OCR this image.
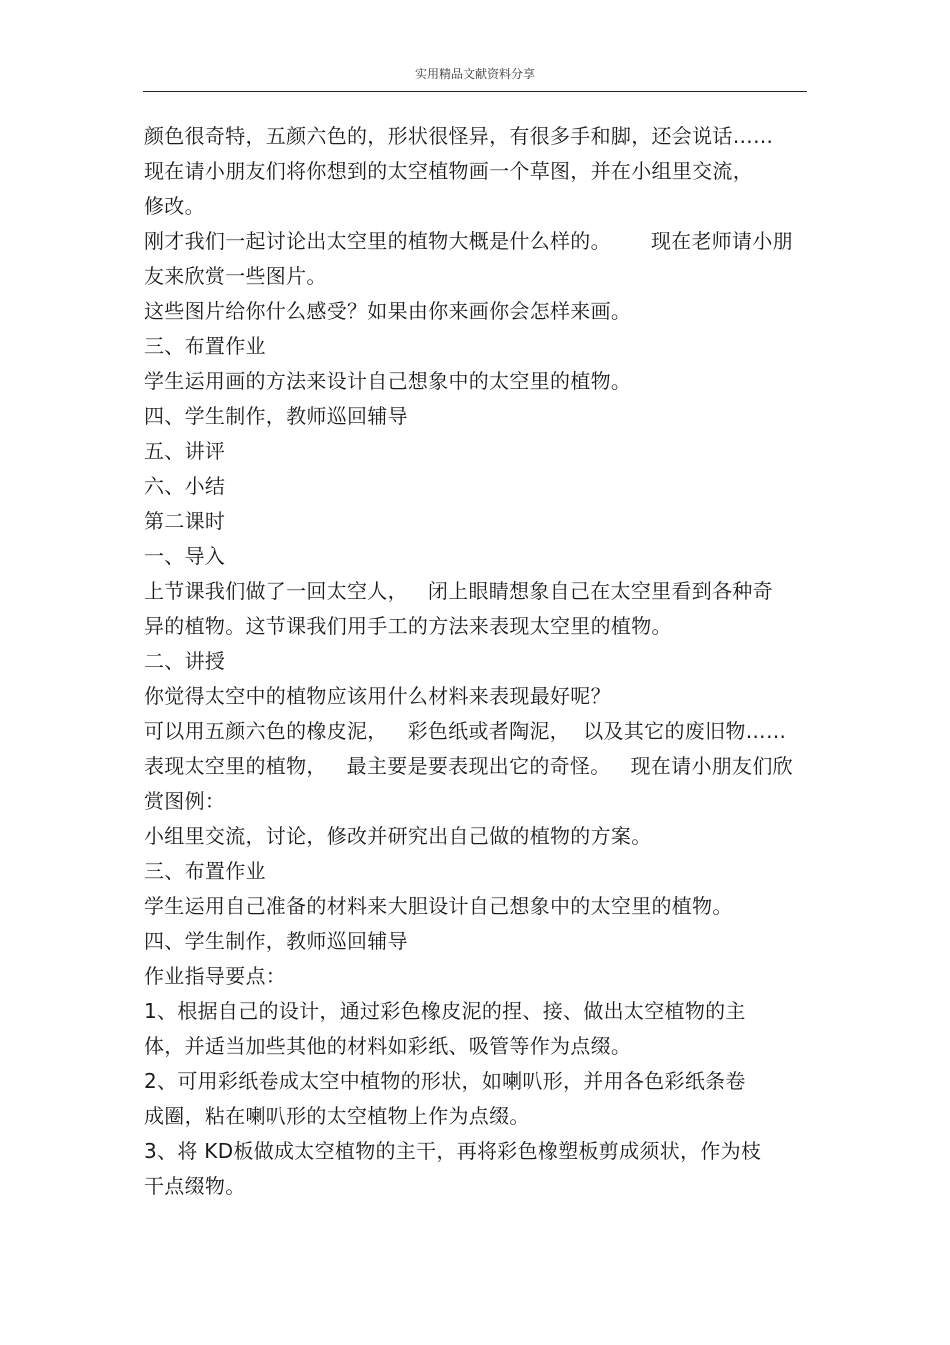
实用精品文献资料分享
颜色很奇特，五颜六色的，形状很怪异，有很多手和脚，还会说话……
现在请小朋友们将你想到的太空植物画一个草图，并在小组里交流，
修改。
刚才我们一起讨论出太空里的植物大概是什么样的。      现在老师请小朋
友来欣赏一些图片。
这些图片给你什么感受？如果由你来画你会怎样来画。
三、布置作业
学生运用画的方法来设计自己想象中的太空里的植物。
四、学生制作，教师巡回辅导
五、讲评
六、小结
第二课时
一、导入
上节课我们做了一回太空人，   闭上眼睛想象自己在太空里看到各种奇
异的植物。这节课我们用手工的方法来表现太空里的植物。
二、讲授
你觉得太空中的植物应该用什么材料来表现最好呢？
可以用五颜六色的橡皮泥，   彩色纸或者陶泥，  以及其它的废旧物……
表现太空里的植物，   最主要是要表现出它的奇怪。   现在请小朋友们欣
赏图例：
小组里交流，讨论，修改并研究出自己做的植物的方案。
三、布置作业
学生运用自己准备的材料来大胆设计自己想象中的太空里的植物。
四、学生制作，教师巡回辅导
作业指导要点：
1、根据自己的设计，通过彩色橡皮泥的捏、接、做出太空植物的主
体，并适当加些其他的材料如彩纸、吸管等作为点缀。
2、可用彩纸卷成太空中植物的形状，如喇叭形，并用各色彩纸条卷
成圈，粘在喇叭形的太空植物上作为点缀。
3、将 KD板做成太空植物的主干，再将彩色橡塑板剪成须状，作为枝
干点缀物。
